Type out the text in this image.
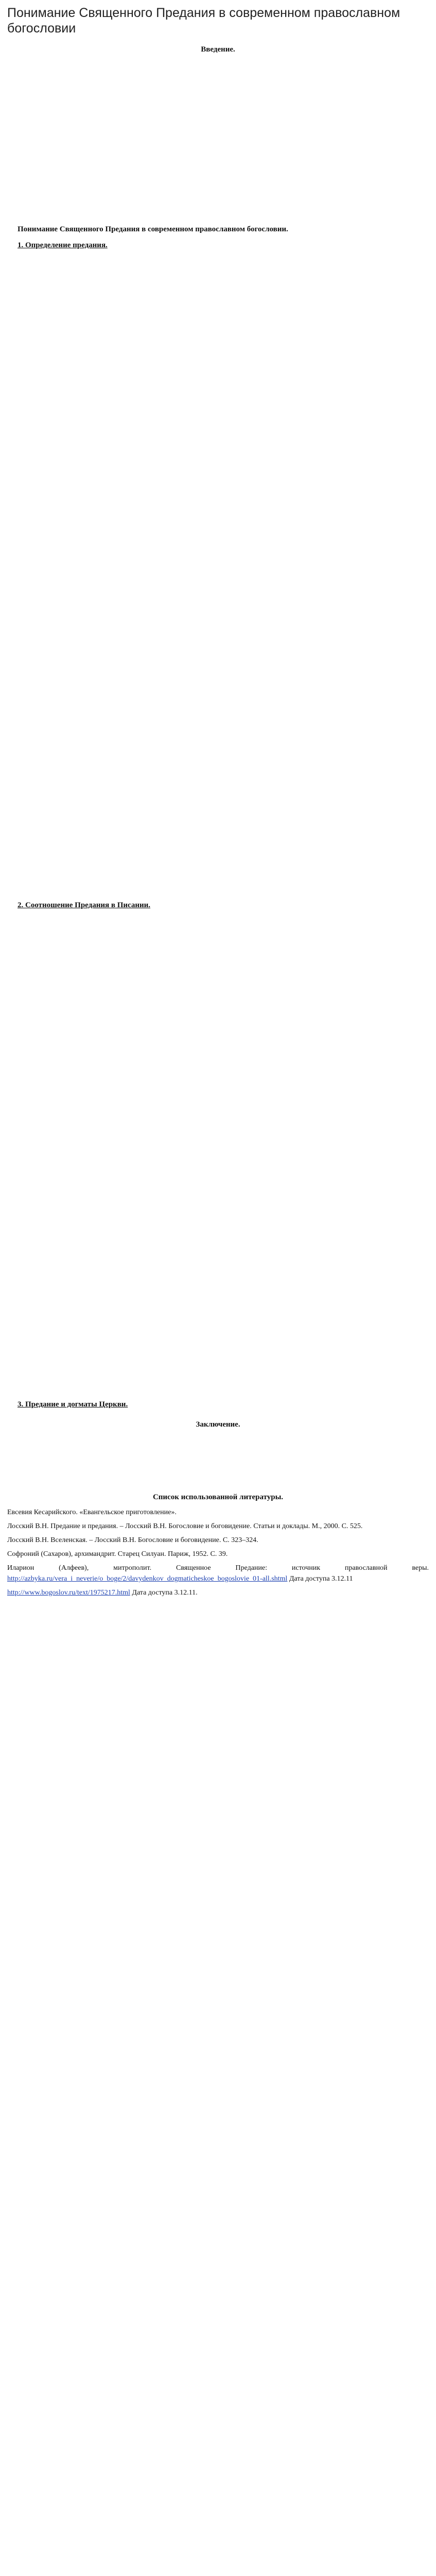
Понимание Священного Предания в современном православном богословии
Введение.

Понимание Священного Предания в современном православном богословии.
1. Определение предания.

2. Соотношение Предания в Писании.

3. Предание и догматы Церкви.
Заключение.

Список использованной литературы.
Евсевия Кесарийского. «Евангельское приготовление».
Лосский В.Н. Предание и предания. – Лосский В.Н. Богословие и боговидение. Статьи и доклады. М., 2000. С. 525.
Лосский В.Н. Вселенская. – Лосский В.Н. Богословие и боговидение. С. 323–324.
Софроний (Сахаров), архимандрит. Старец Силуан. Париж, 1952. С. 39.
Иларион (Алфеев), митрополит. Священное Предание: источник православной веры. http://azbyka.ru/vera_i_neverie/o_boge/2/davydenkov_dogmaticheskoe_bogoslovie_01-all.shtml Дата доступа 3.12.11
http://www.bogoslov.ru/text/1975217.html Дата доступа 3.12.11.
